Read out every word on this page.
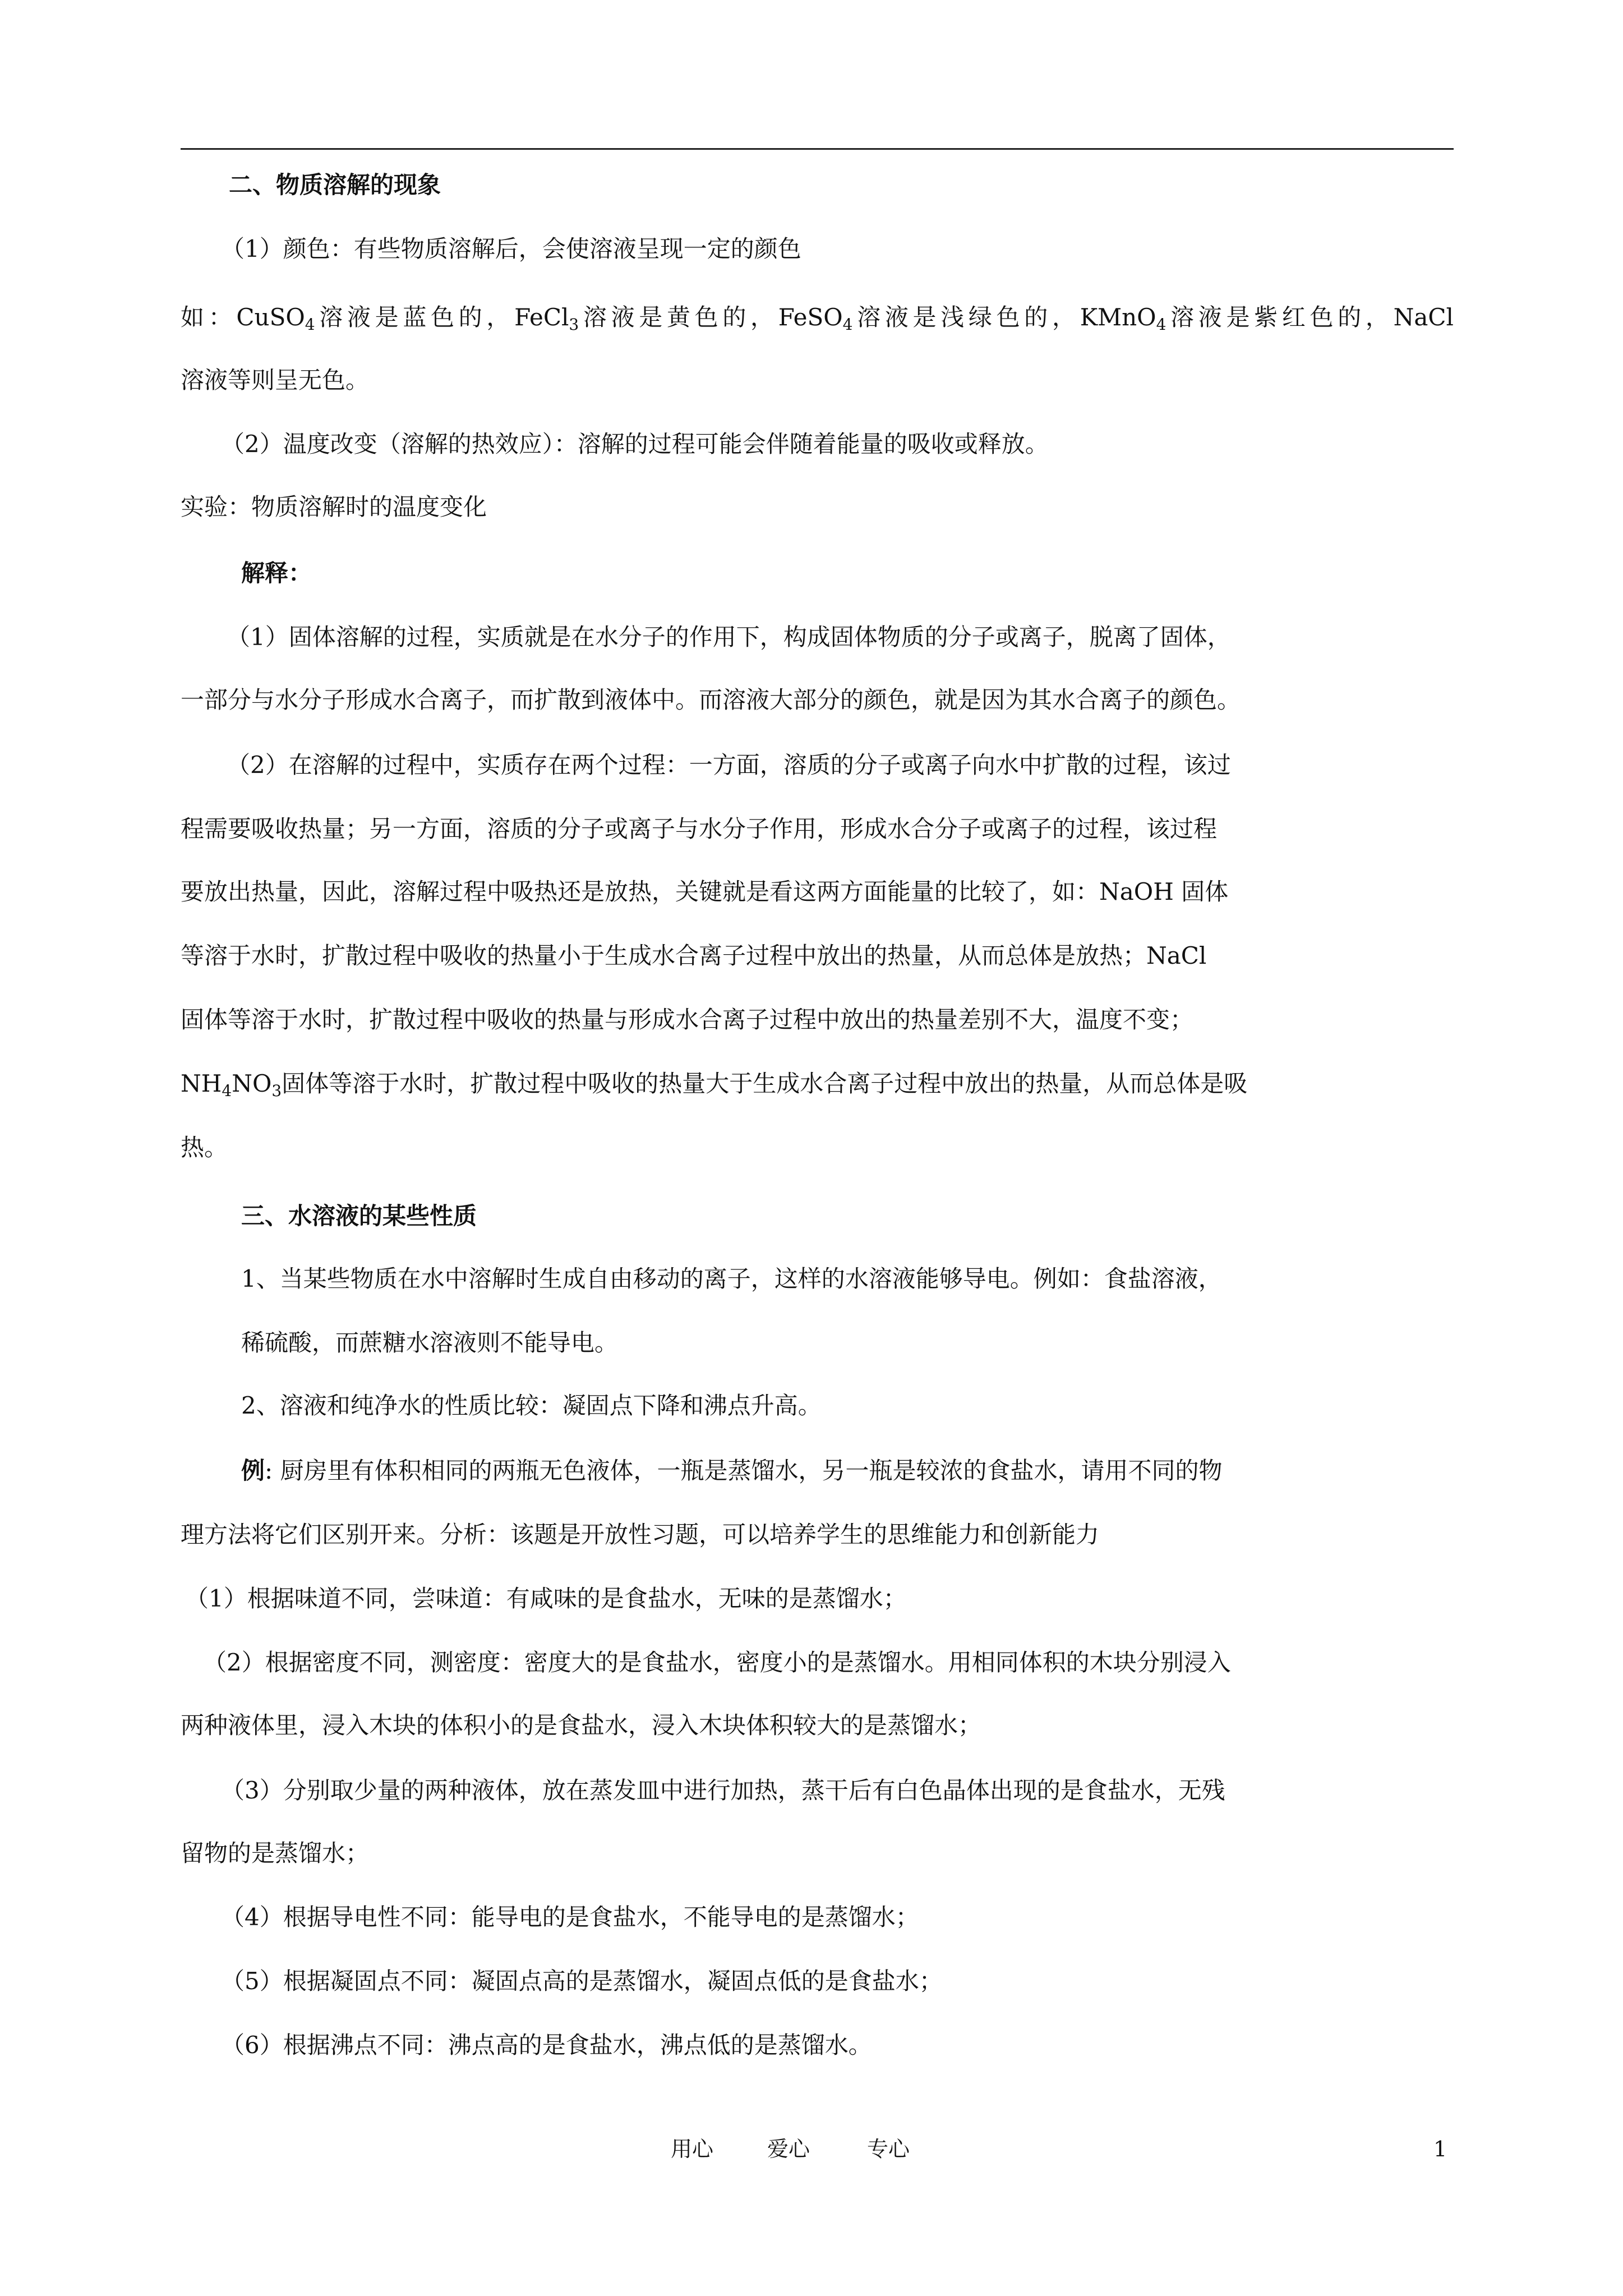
二、物质溶解的现象
（1）颜色：有些物质溶解后，会使溶液呈现一定的颜色
如：CuSO$_4$溶液是蓝色的，FeCl$_3$溶液是黄色的，FeSO$_4$溶液是浅绿色的，KMnO$_4$溶液是紫红色的，NaCl
溶液等则呈无色。
（2）温度改变（溶解的热效应）：溶解的过程可能会伴随着能量的吸收或释放。
实验：物质溶解时的温度变化
解释：
（1）固体溶解的过程，实质就是在水分子的作用下，构成固体物质的分子或离子，脱离了固体，
一部分与水分子形成水合离子，而扩散到液体中。而溶液大部分的颜色，就是因为其水合离子的颜色。
（2）在溶解的过程中，实质存在两个过程：一方面，溶质的分子或离子向水中扩散的过程，该过
程需要吸收热量；另一方面，溶质的分子或离子与水分子作用，形成水合分子或离子的过程，该过程
要放出热量，因此，溶解过程中吸热还是放热，关键就是看这两方面能量的比较了，如：NaOH 固体
等溶于水时，扩散过程中吸收的热量小于生成水合离子过程中放出的热量，从而总体是放热；NaCl
固体等溶于水时，扩散过程中吸收的热量与形成水合离子过程中放出的热量差别不大，温度不变；
$NH_4NO_3$固体等溶于水时，扩散过程中吸收的热量大于生成水合离子过程中放出的热量，从而总体是吸
热。
三、水溶液的某些性质
1、当某些物质在水中溶解时生成自由移动的离子，这样的水溶液能够导电。例如：食盐溶液，
稀硫酸，而蔗糖水溶液则不能导电。
2、溶液和纯净水的性质比较：凝固点下降和沸点升高。
例: 厨房里有体积相同的两瓶无色液体，一瓶是蒸馏水，另一瓶是较浓的食盐水，请用不同的物
理方法将它们区别开来。分析：该题是开放性习题，可以培养学生的思维能力和创新能力
（1）根据味道不同，尝味道：有咸味的是食盐水，无味的是蒸馏水；
（2）根据密度不同，测密度：密度大的是食盐水，密度小的是蒸馏水。用相同体积的木块分别浸入
两种液体里，浸入木块的体积小的是食盐水，浸入木块体积较大的是蒸馏水；
（3）分别取少量的两种液体，放在蒸发皿中进行加热，蒸干后有白色晶体出现的是食盐水，无残
留物的是蒸馏水；
（4）根据导电性不同：能导电的是食盐水，不能导电的是蒸馏水；
（5）根据凝固点不同：凝固点高的是蒸馏水，凝固点低的是食盐水；
（6）根据沸点不同：沸点高的是食盐水，沸点低的是蒸馏水。
用心	爱心	专心	1
